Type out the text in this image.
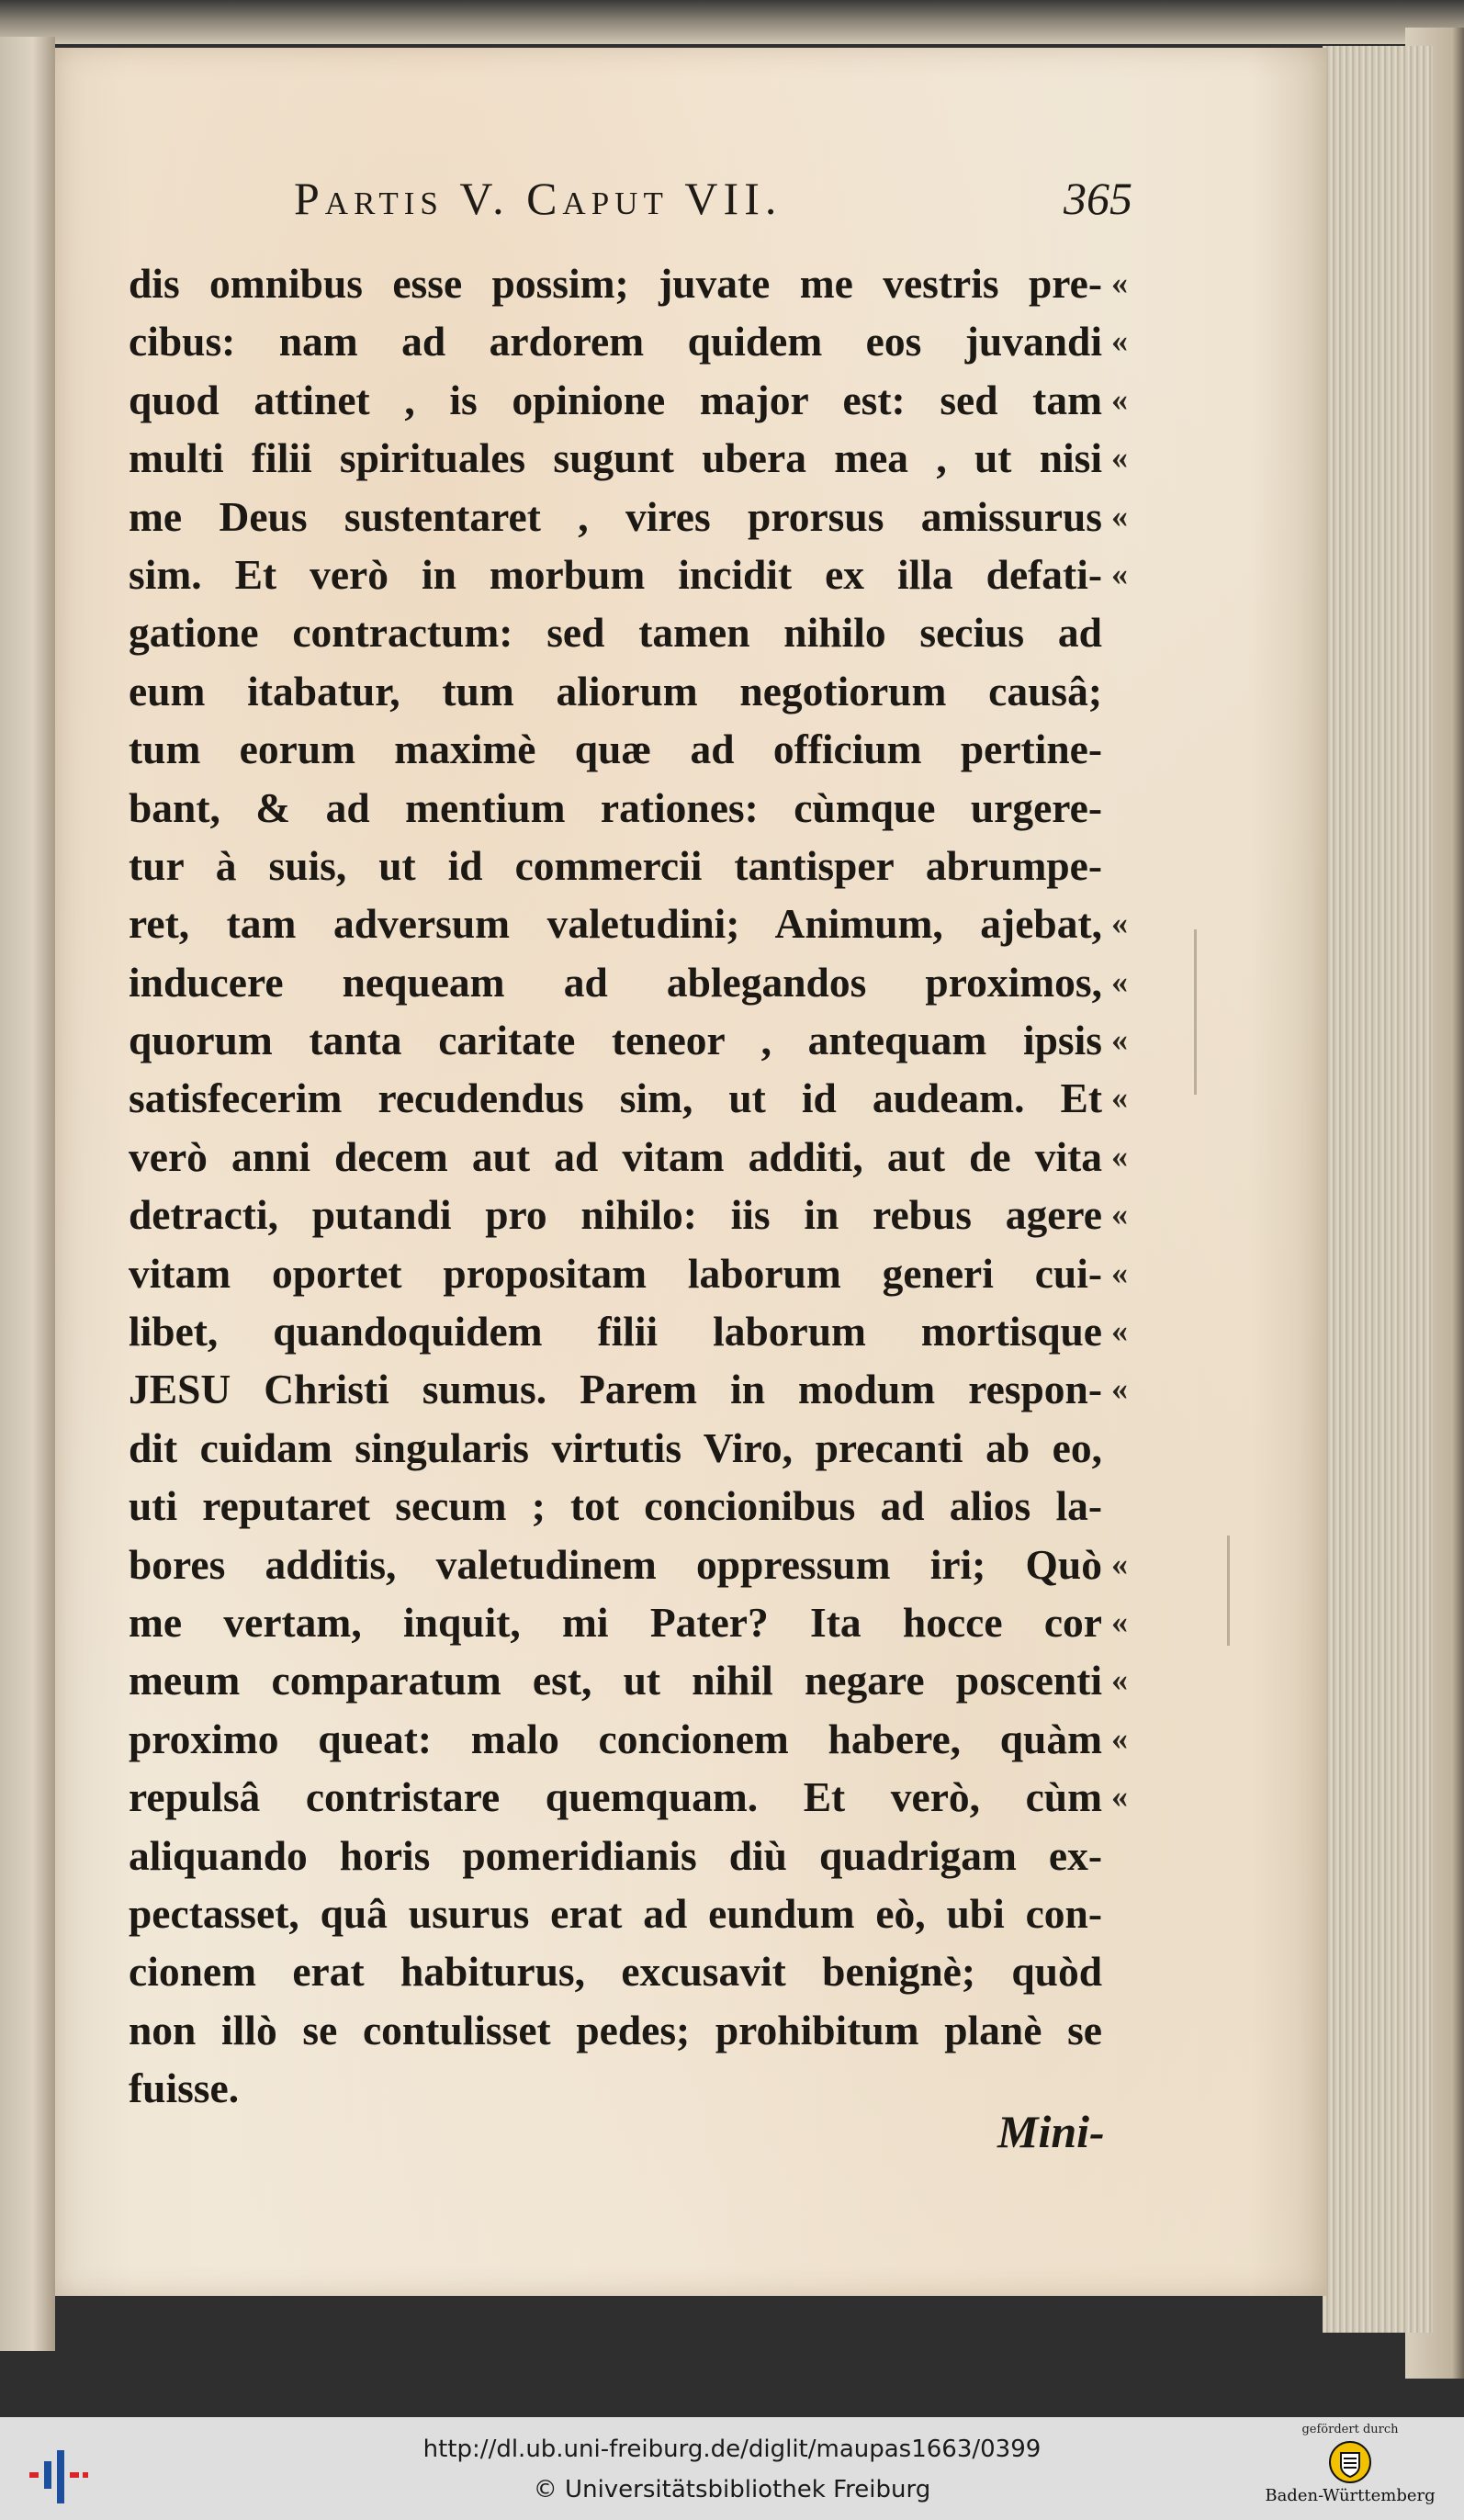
Partis V. Caput VII.	365
dis omnibus esse possim; juvate me vestris pre-
cibus: nam ad ardorem quidem eos juvandi
quod attinet , is opinione major est: sed tam
multi filii spirituales sugunt ubera mea , ut nisi
me Deus sustentaret , vires prorsus amissurus
sim. Et verò in morbum incidit ex illa defati-
gatione contractum: sed tamen nihilo secius ad
eum itabatur, tum aliorum negotiorum causâ;
tum eorum maximè quæ ad officium pertine-
bant, & ad mentium rationes: cùmque urgere-
tur à suis, ut id commercii tantisper abrumpe-
ret, tam adversum valetudini; Animum, ajebat,
inducere nequeam ad ablegandos proximos,
quorum tanta caritate teneor , antequam ipsis
satisfecerim recudendus sim, ut id audeam. Et
verò anni decem aut ad vitam additi, aut de vita
detracti, putandi pro nihilo: iis in rebus agere
vitam oportet propositam laborum generi cui-
libet, quandoquidem filii laborum mortisque
JESU Christi sumus. Parem in modum respon-
dit cuidam singularis virtutis Viro, precanti ab eo,
uti reputaret secum ; tot concionibus ad alios la-
bores additis, valetudinem oppressum iri; Quò
me vertam, inquit, mi Pater? Ita hocce cor
meum comparatum est, ut nihil negare poscenti
proximo queat: malo concionem habere, quàm
repulsâ contristare quemquam. Et verò, cùm
aliquando horis pomeridianis diù quadrigam ex-
pectasset, quâ usurus erat ad eundum eò, ubi con-
cionem erat habiturus, excusavit benignè; quòd
non illò se contulisset pedes; prohibitum planè se
fuisse.
«
«
«
«
«
«
«
«
«
«
«
«
«
«
«
«
«
«
«
«
Mini-
http://dl.ub.uni-freiburg.de/diglit/maupas1663/0399
© Universitätsbibliothek Freiburg
gefördert durch
Baden-Württemberg
